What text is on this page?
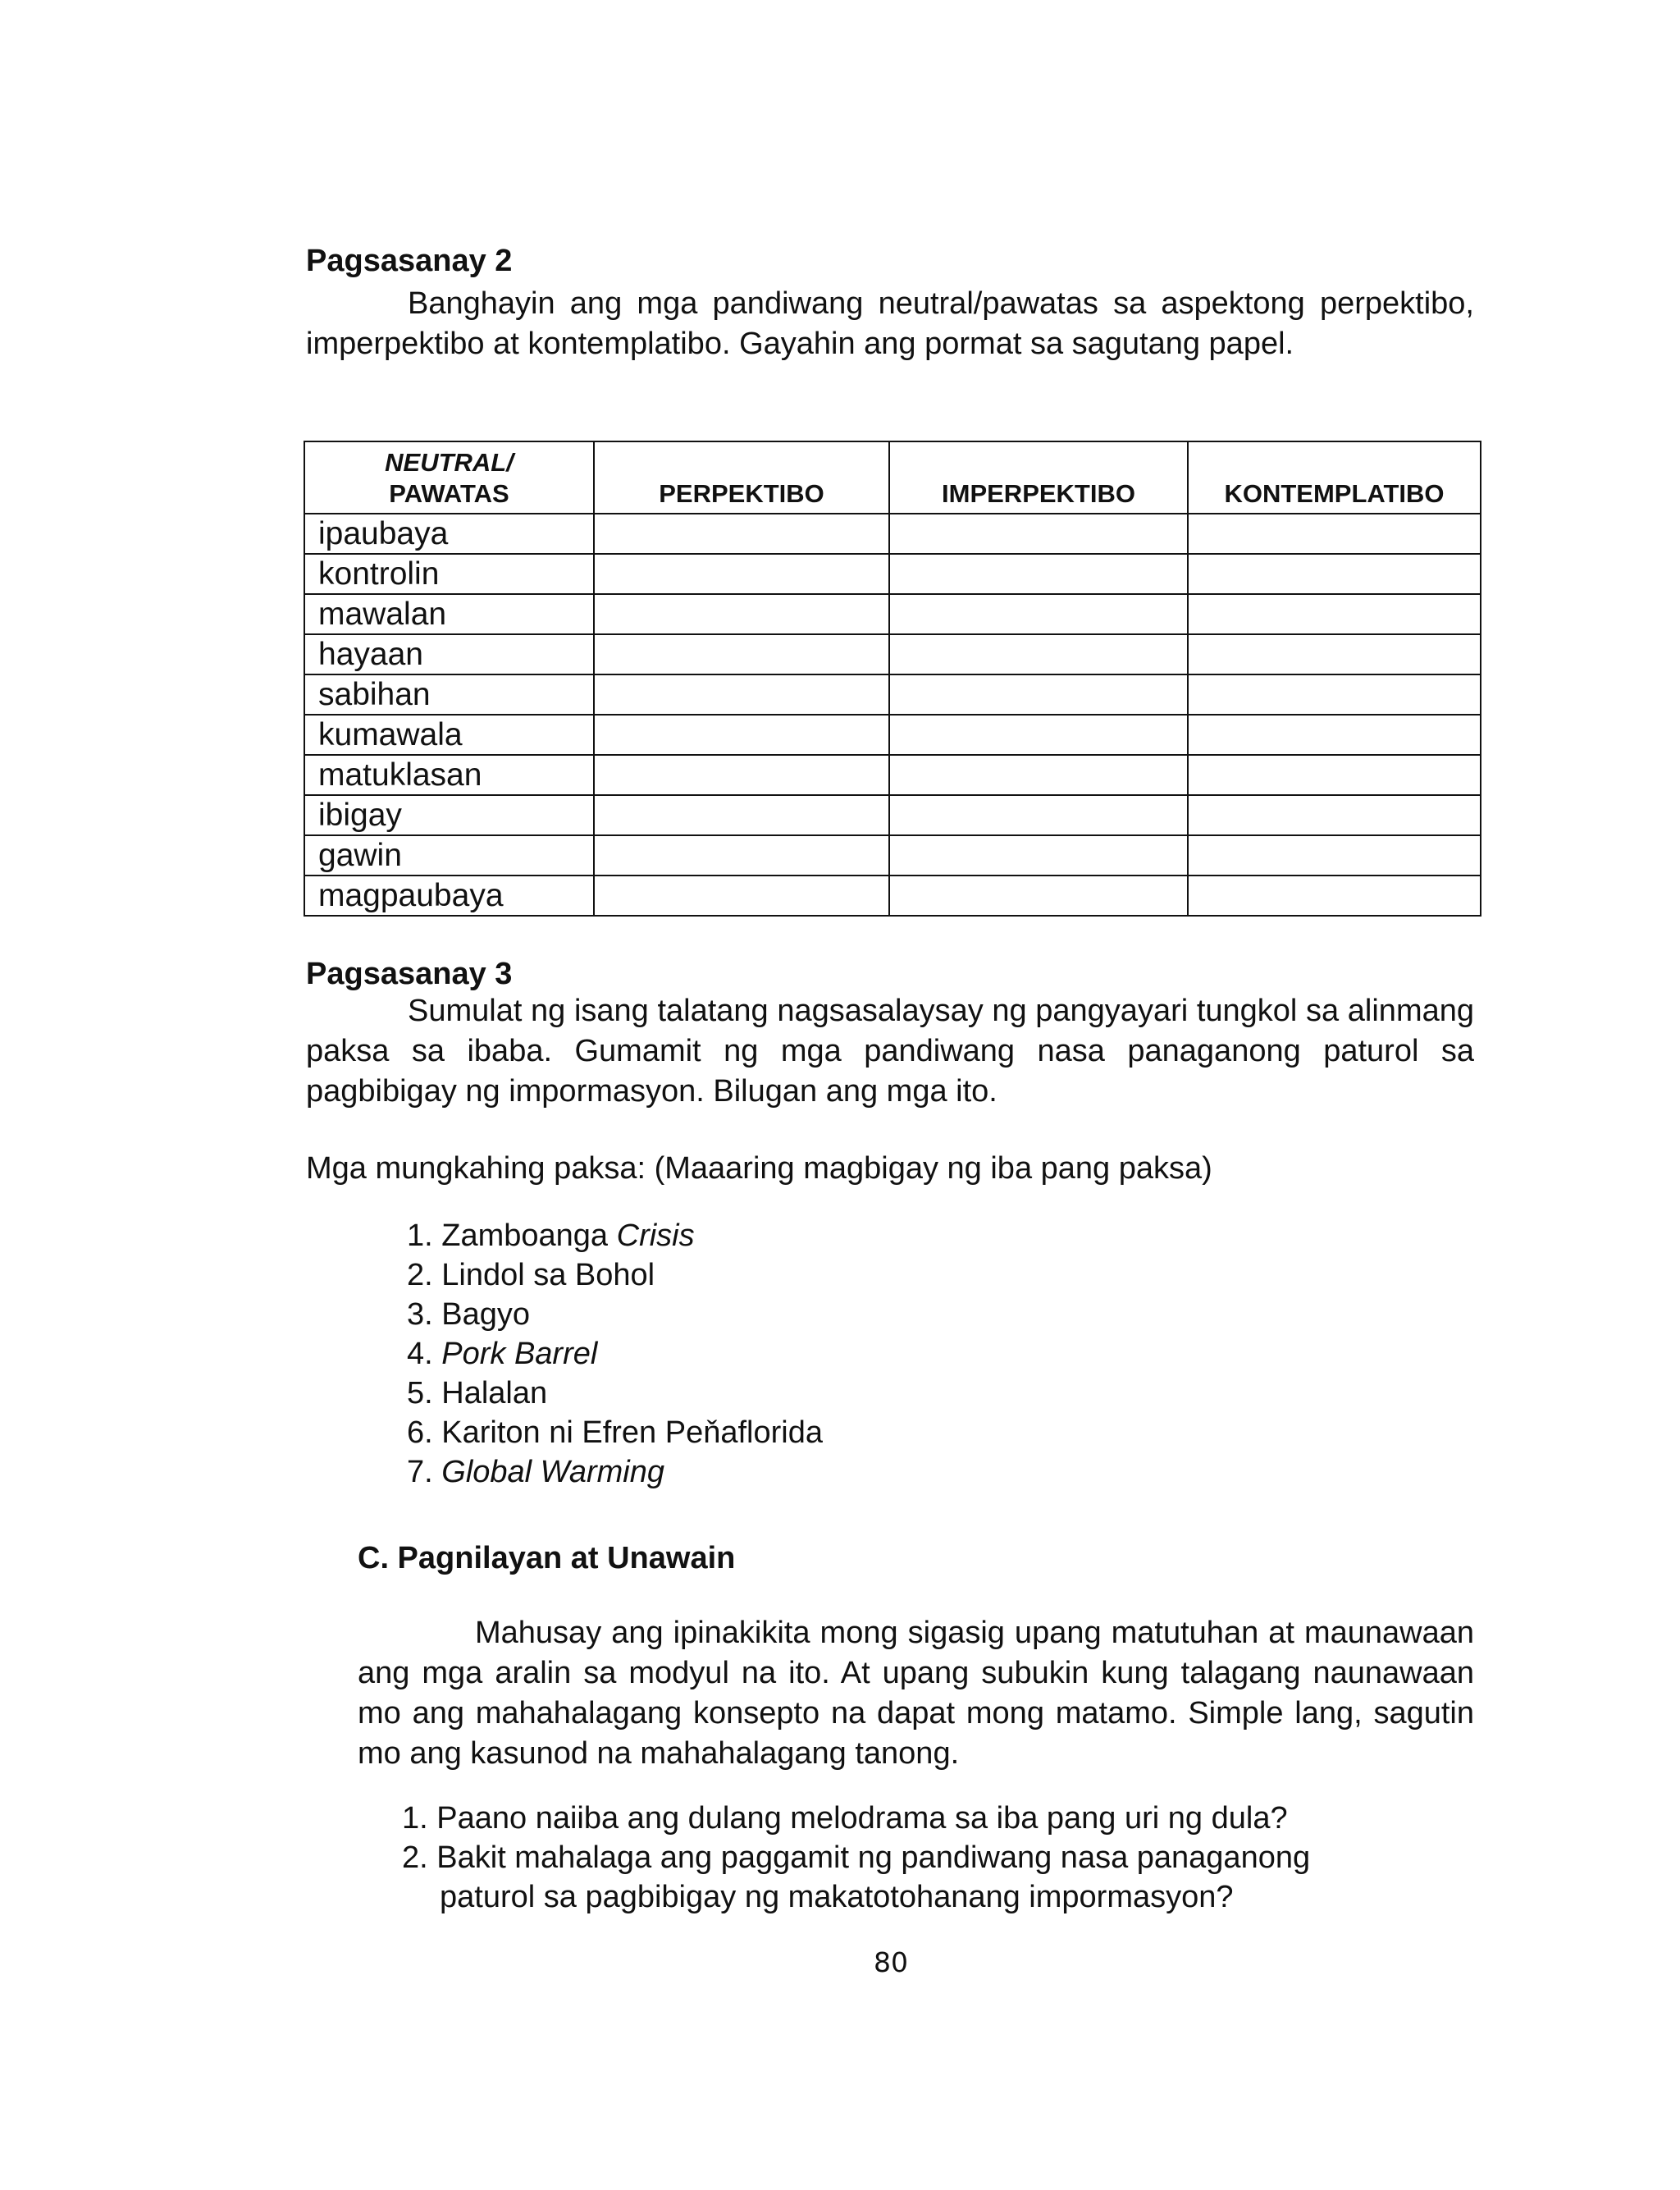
Pagsasanay 2
Banghayin ang mga pandiwang neutral/pawatas sa aspektong perpektibo, imperpektibo at kontemplatibo. Gayahin ang pormat sa sagutang papel.
NEUTRAL/
PAWATAS	PERPEKTIBO	IMPERPEKTIBO	KONTEMPLATIBO
ipaubaya			
kontrolin			
mawalan			
hayaan			
sabihan			
kumawala			
matuklasan			
ibigay			
gawin			
magpaubaya			
Pagsasanay 3
Sumulat ng isang talatang nagsasalaysay ng pangyayari tungkol sa alinmang paksa sa ibaba. Gumamit ng mga pandiwang nasa panaganong paturol sa pagbibigay ng impormasyon. Bilugan ang mga ito.
Mga mungkahing paksa: (Maaaring magbigay ng iba pang paksa)
1. Zamboanga Crisis
2. Lindol sa Bohol
3. Bagyo
4. Pork Barrel
5. Halalan
6. Kariton ni Efren Peňaflorida
7. Global Warming
C. Pagnilayan at Unawain
Mahusay ang ipinakikita mong sigasig upang matutuhan at maunawaan ang mga aralin sa modyul na ito. At upang subukin kung talagang naunawaan mo ang mahahalagang konsepto na dapat mong matamo. Simple lang, sagutin mo ang kasunod na mahahalagang tanong.
1. Paano naiiba ang dulang melodrama sa iba pang uri ng dula?
2. Bakit mahalaga ang paggamit ng pandiwang nasa panaganong
paturol sa pagbibigay ng makatotohanang impormasyon?
80
